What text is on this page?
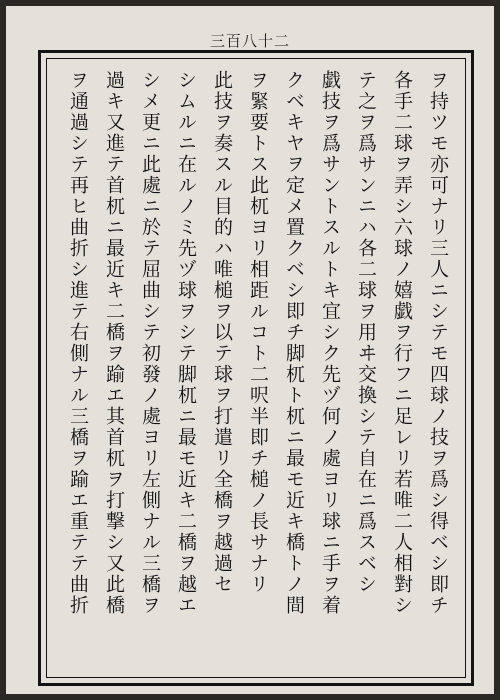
三百八十二
ヲ持ツモ亦可ナリ三人ニシテモ四球ノ技ヲ爲シ得ベシ即チ
各手二球ヲ弄シ六球ノ嬉戯ヲ行フニ足レリ若唯二人相對シ
テ之ヲ爲サンニハ各二球ヲ用ヰ交換シテ自在ニ爲スベシ
戯技ヲ爲サントスルトキ宜シク先ヅ何ノ處ヨリ球ニ手ヲ着
クベキヤヲ定メ置クベシ即チ脚杌ト杌ニ最モ近キ橋トノ間
ヲ緊要トス此杌ヨリ相距ルコト二呎半即チ槌ノ長サナリ
此技ヲ奏スル目的ハ唯槌ヲ以テ球ヲ打遣リ全橋ヲ越過セ
シムルニ在ルノミ先ヅ球ヲシテ脚杌ニ最モ近キ二橋ヲ越エ
シメ更ニ此處ニ於テ屈曲シテ初發ノ處ヨリ左側ナル三橋ヲ
過キ又進テ首杌ニ最近キ二橋ヲ踰エ其首杌ヲ打撃シ又此橋
ヲ通過シテ再ヒ曲折シ進テ右側ナル三橋ヲ踰エ重テテ曲折
